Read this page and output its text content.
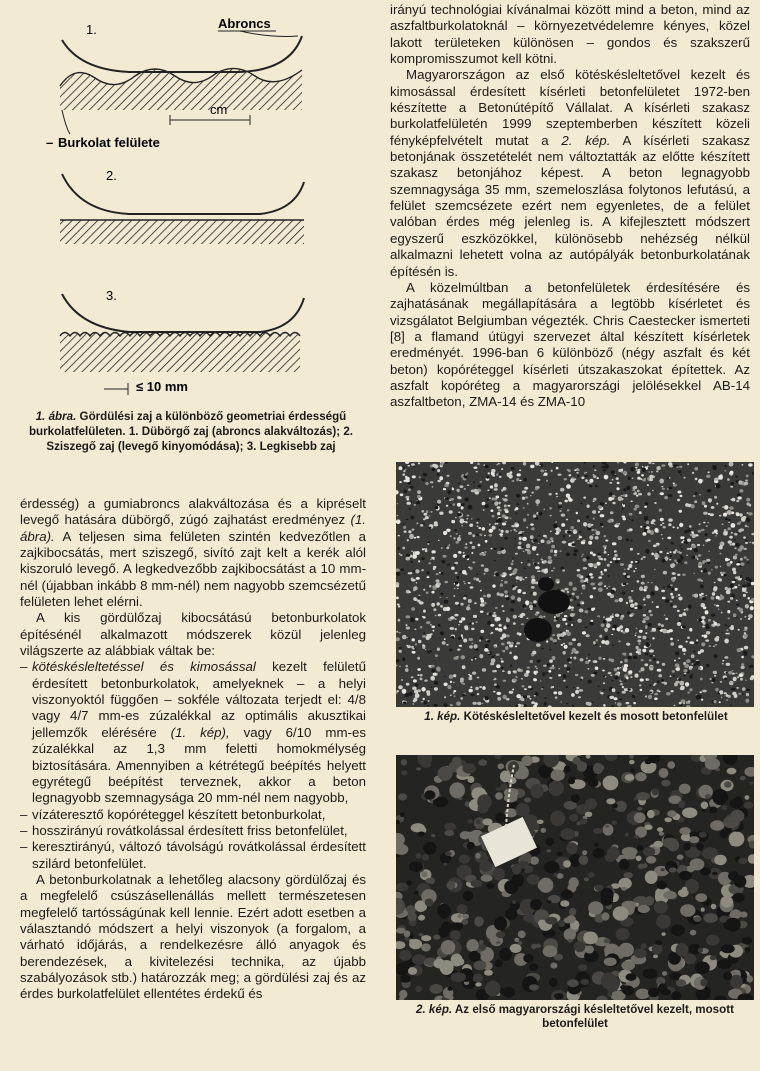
1.	Abroncs
cm
– Burkolat felülete
2.
3.
≤ 10 mm
1. ábra. Gördülési zaj a különböző geometriai érdességű burkolatfelületen. 1. Dübörgő zaj (abroncs alakváltozás); 2. Sziszegő zaj (levegő kinyomódása); 3. Legkisebb zaj

irányú technológiai kívánalmai között mind a beton, mind az aszfaltburkolatoknál – környezetvédelemre kényes, közel lakott területeken különösen – gondos és szakszerű kompromisszumot kell kötni.

Magyarországon az első kötéskésleltetővel kezelt és kimosással érdesített kísérleti betonfelületet 1972-ben készítette a Betonútépítő Vállalat. A kísérleti szakasz burkolatfelületén 1999 szeptemberben készített közeli fényképfelvételt mutat a 2. kép. A kísérleti szakasz betonjának összetételét nem változtatták az előtte készített szakasz betonjához képest. A beton legnagyobb szemnagysága 35 mm, szemeloszlása folytonos lefutású, a felület szemcsézete ezért nem egyenletes, de a felület valóban érdes még jelenleg is. A kifejlesztett módszert egyszerű eszközökkel, különösebb nehézség nélkül alkalmazni lehetett volna az autópályák betonburkolatának építésén is.

A közelmúltban a betonfelületek érdesítésére és zajhatásának megállapítására a legtöbb kísérletet és vizsgálatot Belgiumban végezték. Chris Caestecker ismerteti [8] a flamand útügyi szervezet által készített kísérletek eredményét. 1996-ban 6 különböző (négy aszfalt és két beton) kopóréteggel kísérleti útszakaszokat építettek. Az aszfalt kopóréteg a magyarországi jelölésekkel AB-14 aszfaltbeton, ZMA-14 és ZMA-10

érdesség) a gumiabroncs alakváltozása és a kipréselt levegő hatására dübörgő, zúgó zajhatást eredményez (1. ábra). A teljesen sima felületen szintén kedvezőtlen a zajkibocsátás, mert sziszegő, sivító zajt kelt a kerék alól kiszoruló levegő. A legkedvezőbb zajkibocsátást a 10 mm-nél (újabban inkább 8 mm-nél) nem nagyobb szemcsézetű felületen lehet elérni.

A kis gördülőzaj kibocsátású betonburkolatok építésénél alkalmazott módszerek közül jelenleg világszerte az alábbiak váltak be:

– kötéskésleltetéssel és kimosással kezelt felületű érdesített betonburkolatok, amelyeknek – a helyi viszonyoktól függően – sokféle változata terjedt el: 4/8 vagy 4/7 mm-es zúzalékkal az optimális akusztikai jellemzők elérésére (1. kép), vagy 6/10 mm-es zúzalékkal az 1,3 mm feletti homokmélység biztosítására. Amennyiben a kétrétegű beépítés helyett egyrétegű beépítést terveznek, akkor a beton legnagyobb szemnagysága 20 mm-nél nem nagyobb,
– vízáteresztő kopóréteggel készített betonburkolat,
– hosszirányú rovátkolással érdesített friss betonfelület,
– keresztirányú, változó távolságú rovátkolással érdesített szilárd betonfelület.

A betonburkolatnak a lehetőleg alacsony gördülőzaj és a megfelelő csúszásellenállás mellett természetesen megfelelő tartósságúnak kell lennie. Ezért adott esetben a választandó módszert a helyi viszonyok (a forgalom, a várható időjárás, a rendelkezésre álló anyagok és berendezések, a kivitelezési technika, az újabb szabályozások stb.) határozzák meg; a gördülési zaj és az érdes burkolatfelület ellentétes érdekű és

1. kép. Kötéskésleltetővel kezelt és mosott betonfelület
2. kép. Az első magyarországi késleltetővel kezelt, mosott betonfelület
